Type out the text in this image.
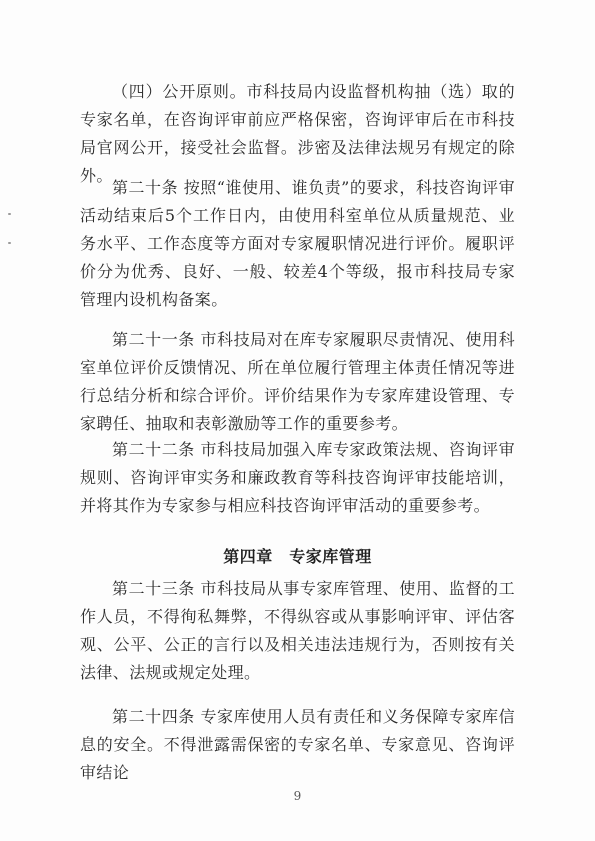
（四）公开原则。市科技局内设监督机构抽（选）取的专家名单，在咨询评审前应严格保密，咨询评审后在市科技局官网公开，接受社会监督。涉密及法律法规另有规定的除外。

第二十条 按照“谁使用、谁负责”的要求，科技咨询评审活动结束后5个工作日内，由使用科室单位从质量规范、业务水平、工作态度等方面对专家履职情况进行评价。履职评价分为优秀、良好、一般、较差4个等级，报市科技局专家管理内设机构备案。

第二十一条 市科技局对在库专家履职尽责情况、使用科室单位评价反馈情况、所在单位履行管理主体责任情况等进行总结分析和综合评价。评价结果作为专家库建设管理、专家聘任、抽取和表彰激励等工作的重要参考。

第二十二条 市科技局加强入库专家政策法规、咨询评审规则、咨询评审实务和廉政教育等科技咨询评审技能培训，并将其作为专家参与相应科技咨询评审活动的重要参考。

第四章　专家库管理

第二十三条 市科技局从事专家库管理、使用、监督的工作人员，不得徇私舞弊，不得纵容或从事影响评审、评估客观、公平、公正的言行以及相关违法违规行为，否则按有关法律、法规或规定处理。

第二十四条 专家库使用人员有责任和义务保障专家库信息的安全。不得泄露需保密的专家名单、专家意见、咨询评审结论

9
